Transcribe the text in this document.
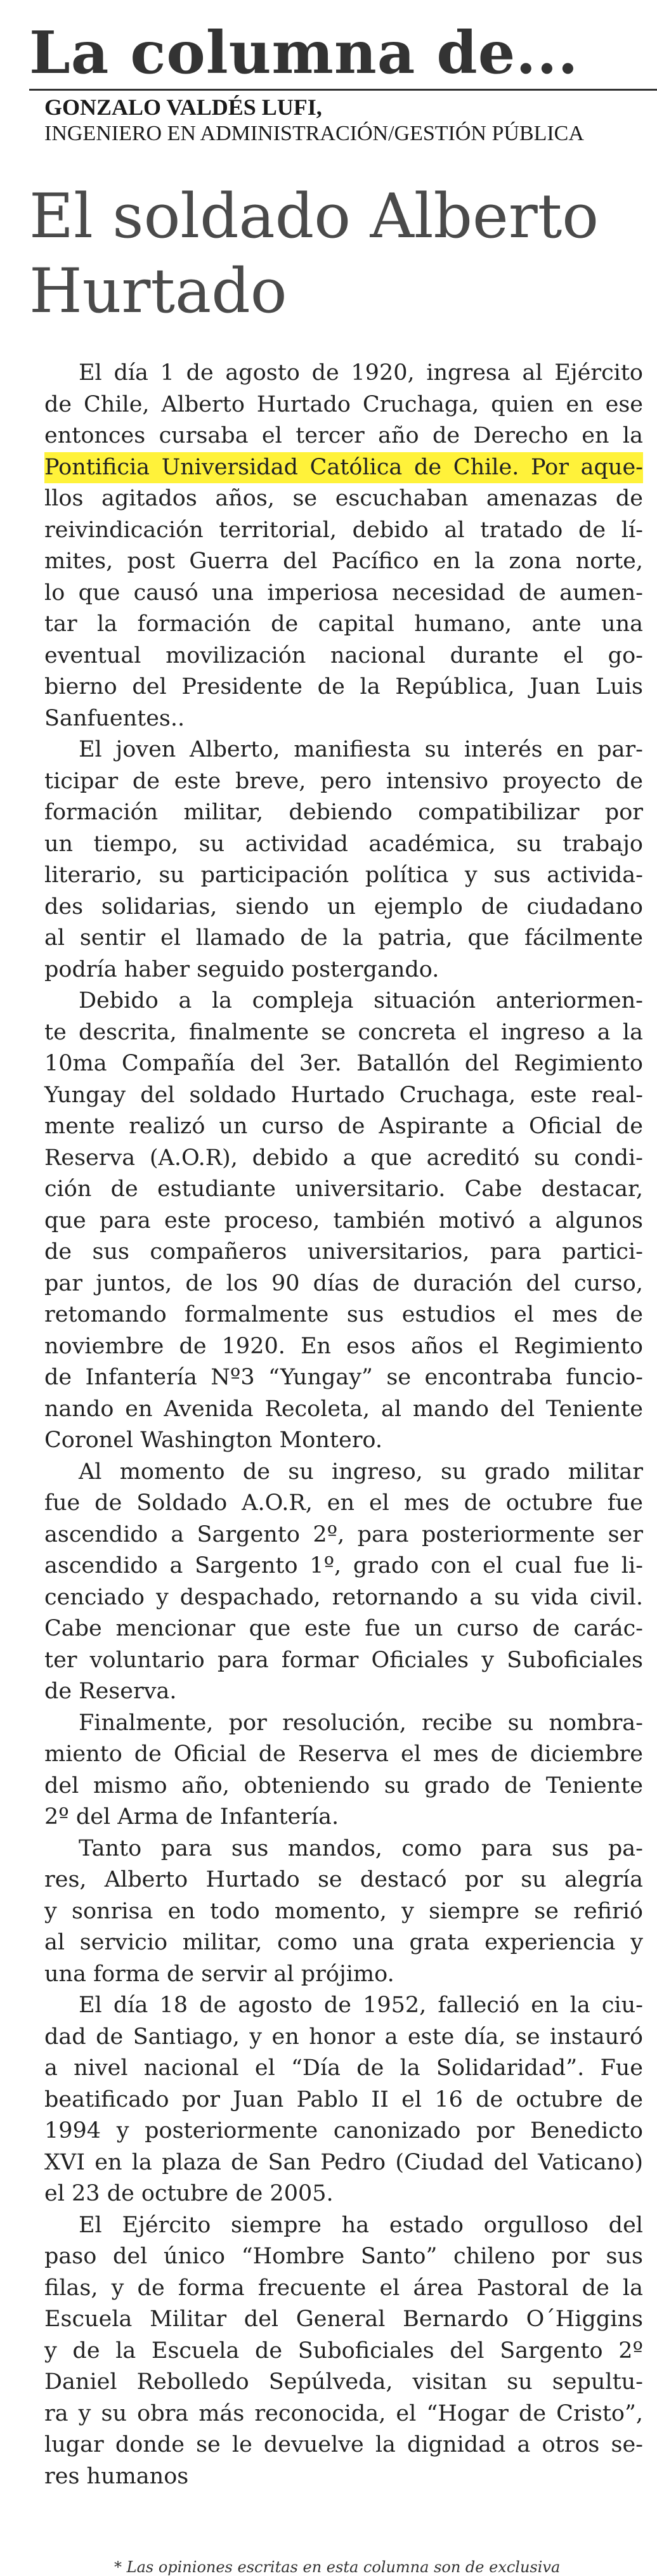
La columna de...
GONZALO VALDÉS LUFI,
INGENIERO EN ADMINISTRACIÓN/GESTIÓN PÚBLICA
El soldado Alberto
Hurtado
El día 1 de agosto de 1920, ingresa al Ejército
de Chile, Alberto Hurtado Cruchaga, quien en ese
entonces cursaba el tercer año de Derecho en la
Pontificia Universidad Católica de Chile. Por aque-
llos agitados años, se escuchaban amenazas de
reivindicación territorial, debido al tratado de lí-
mites, post Guerra del Pacífico en la zona norte,
lo que causó una imperiosa necesidad de aumen-
tar la formación de capital humano, ante una
eventual movilización nacional durante el go-
bierno del Presidente de la República, Juan Luis
Sanfuentes..
El joven Alberto, manifiesta su interés en par-
ticipar de este breve, pero intensivo proyecto de
formación militar, debiendo compatibilizar por
un tiempo, su actividad académica, su trabajo
literario, su participación política y sus activida-
des solidarias, siendo un ejemplo de ciudadano
al sentir el llamado de la patria, que fácilmente
podría haber seguido postergando.
Debido a la compleja situación anteriormen-
te descrita, finalmente se concreta el ingreso a la
10ma Compañía del 3er. Batallón del Regimiento
Yungay del soldado Hurtado Cruchaga, este real-
mente realizó un curso de Aspirante a Oficial de
Reserva (A.O.R), debido a que acreditó su condi-
ción de estudiante universitario. Cabe destacar,
que para este proceso, también motivó a algunos
de sus compañeros universitarios, para partici-
par juntos, de los 90 días de duración del curso,
retomando formalmente sus estudios el mes de
noviembre de 1920. En esos años el Regimiento
de Infantería Nº3 “Yungay” se encontraba funcio-
nando en Avenida Recoleta, al mando del Teniente
Coronel Washington Montero.
Al momento de su ingreso, su grado militar
fue de Soldado A.O.R, en el mes de octubre fue
ascendido a Sargento 2º, para posteriormente ser
ascendido a Sargento 1º, grado con el cual fue li-
cenciado y despachado, retornando a su vida civil.
Cabe mencionar que este fue un curso de carác-
ter voluntario para formar Oficiales y Suboficiales
de Reserva.
Finalmente, por resolución, recibe su nombra-
miento de Oficial de Reserva el mes de diciembre
del mismo año, obteniendo su grado de Teniente
2º del Arma de Infantería.
Tanto para sus mandos, como para sus pa-
res, Alberto Hurtado se destacó por su alegría
y sonrisa en todo momento, y siempre se refirió
al servicio militar, como una grata experiencia y
una forma de servir al prójimo.
El día 18 de agosto de 1952, falleció en la ciu-
dad de Santiago, y en honor a este día, se instauró
a nivel nacional el “Día de la Solidaridad”. Fue
beatificado por Juan Pablo II el 16 de octubre de
1994 y posteriormente canonizado por Benedicto
XVI en la plaza de San Pedro (Ciudad del Vaticano)
el 23 de octubre de 2005.
El Ejército siempre ha estado orgulloso del
paso del único “Hombre Santo” chileno por sus
filas, y de forma frecuente el área Pastoral de la
Escuela Militar del General Bernardo O´Higgins
y de la Escuela de Suboficiales del Sargento 2º
Daniel Rebolledo Sepúlveda, visitan su sepultu-
ra y su obra más reconocida, el “Hogar de Cristo”,
lugar donde se le devuelve la dignidad a otros se-
res humanos
* Las opiniones escritas en esta columna son de exclusiva
